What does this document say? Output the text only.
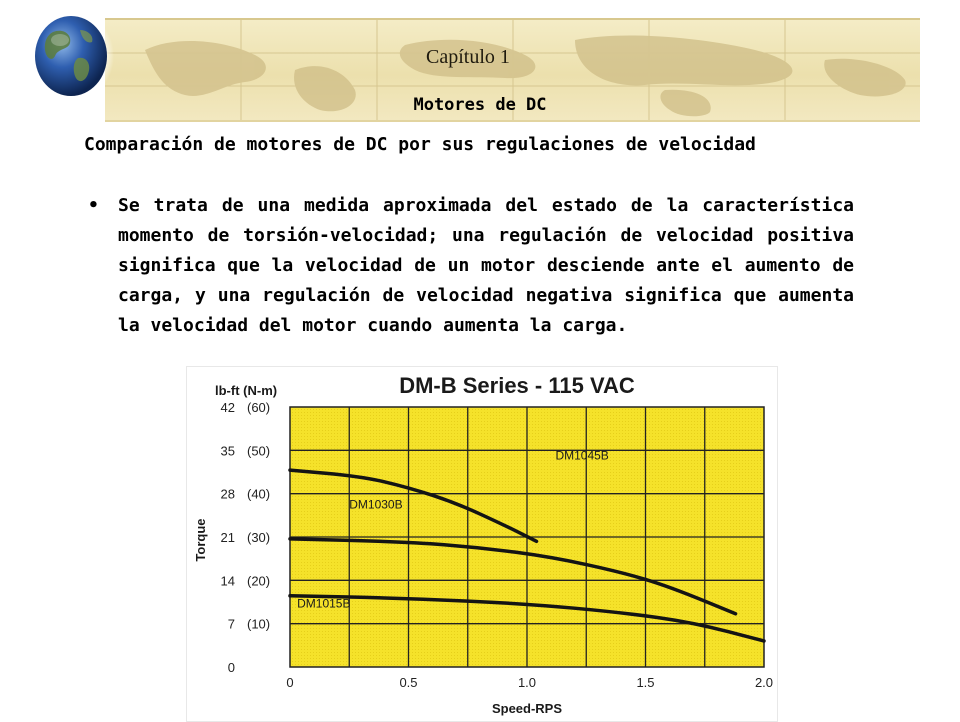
Capítulo 1
Motores de DC
Comparación de motores de DC por sus regulaciones de velocidad
• Se trata de una medida aproximada del estado de la característica momento de torsión-velocidad; una regulación de velocidad positiva significa que la velocidad de un motor desciende ante el aumento de carga, y una regulación de velocidad negativa significa que aumenta la velocidad del motor cuando aumenta la carga.
DM-B Series - 115 VAC
lb-ft (N-m)
Speed-RPS
Torque
0
7 (10)
14 (20)
21 (30)
28 (40)
35 (50)
42 (60)
0	0.5	1.0	1.5	2.0
DM1045B
DM1030B
DM1015B
